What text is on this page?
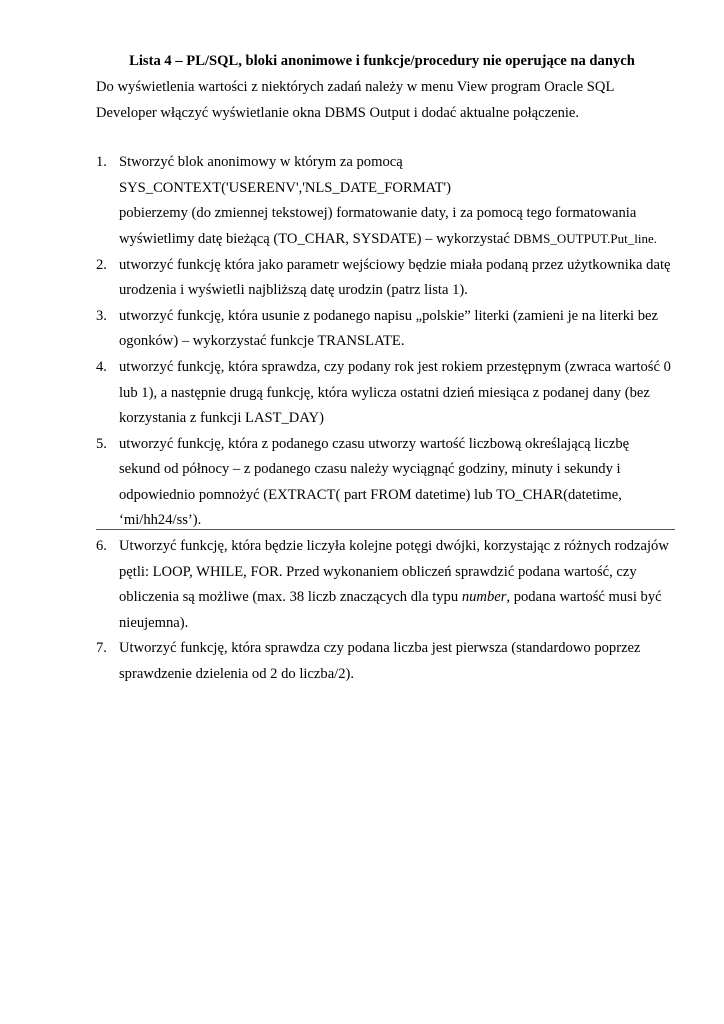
Lista 4 – PL/SQL, bloki anonimowe i funkcje/procedury nie operujące na danych
Do wyświetlenia wartości z niektórych zadań należy w menu View program Oracle SQL
Developer włączyć wyświetlanie okna DBMS Output i dodać aktualne połączenie.
1. Stworzyć blok anonimowy w którym za pomocą
SYS_CONTEXT('USERENV','NLS_DATE_FORMAT')
pobierzemy (do zmiennej tekstowej) formatowanie daty, i za pomocą tego formatowania
wyświetlimy datę bieżącą (TO_CHAR, SYSDATE) – wykorzystać DBMS_OUTPUT.Put_line.
2. utworzyć funkcję która jako parametr wejściowy będzie miała podaną przez użytkownika datę
urodzenia i wyświetli najbliższą datę urodzin (patrz lista 1).
3. utworzyć funkcję, która usunie z podanego napisu „polskie” literki (zamieni je na literki bez
ogonków) – wykorzystać funkcje TRANSLATE.
4. utworzyć funkcję, która sprawdza, czy podany rok jest rokiem przestępnym (zwraca wartość 0
lub 1), a następnie drugą funkcję, która wylicza ostatni dzień miesiąca z podanej dany (bez
korzystania z funkcji LAST_DAY)
5. utworzyć funkcję, która z podanego czasu utworzy wartość liczbową określającą liczbę
sekund od północy – z podanego czasu należy wyciągnąć godziny, minuty i sekundy i
odpowiednio pomnożyć (EXTRACT( part FROM datetime) lub TO_CHAR(datetime,
‘mi/hh24/ss’).
6. Utworzyć funkcję, która będzie liczyła kolejne potęgi dwójki, korzystając z różnych rodzajów
pętli: LOOP, WHILE, FOR. Przed wykonaniem obliczeń sprawdzić podana wartość, czy
obliczenia są możliwe (max. 38 liczb znaczących dla typu number, podana wartość musi być
nieujemna).
7. Utworzyć funkcję, która sprawdza czy podana liczba jest pierwsza (standardowo poprzez
sprawdzenie dzielenia od 2 do liczba/2).
